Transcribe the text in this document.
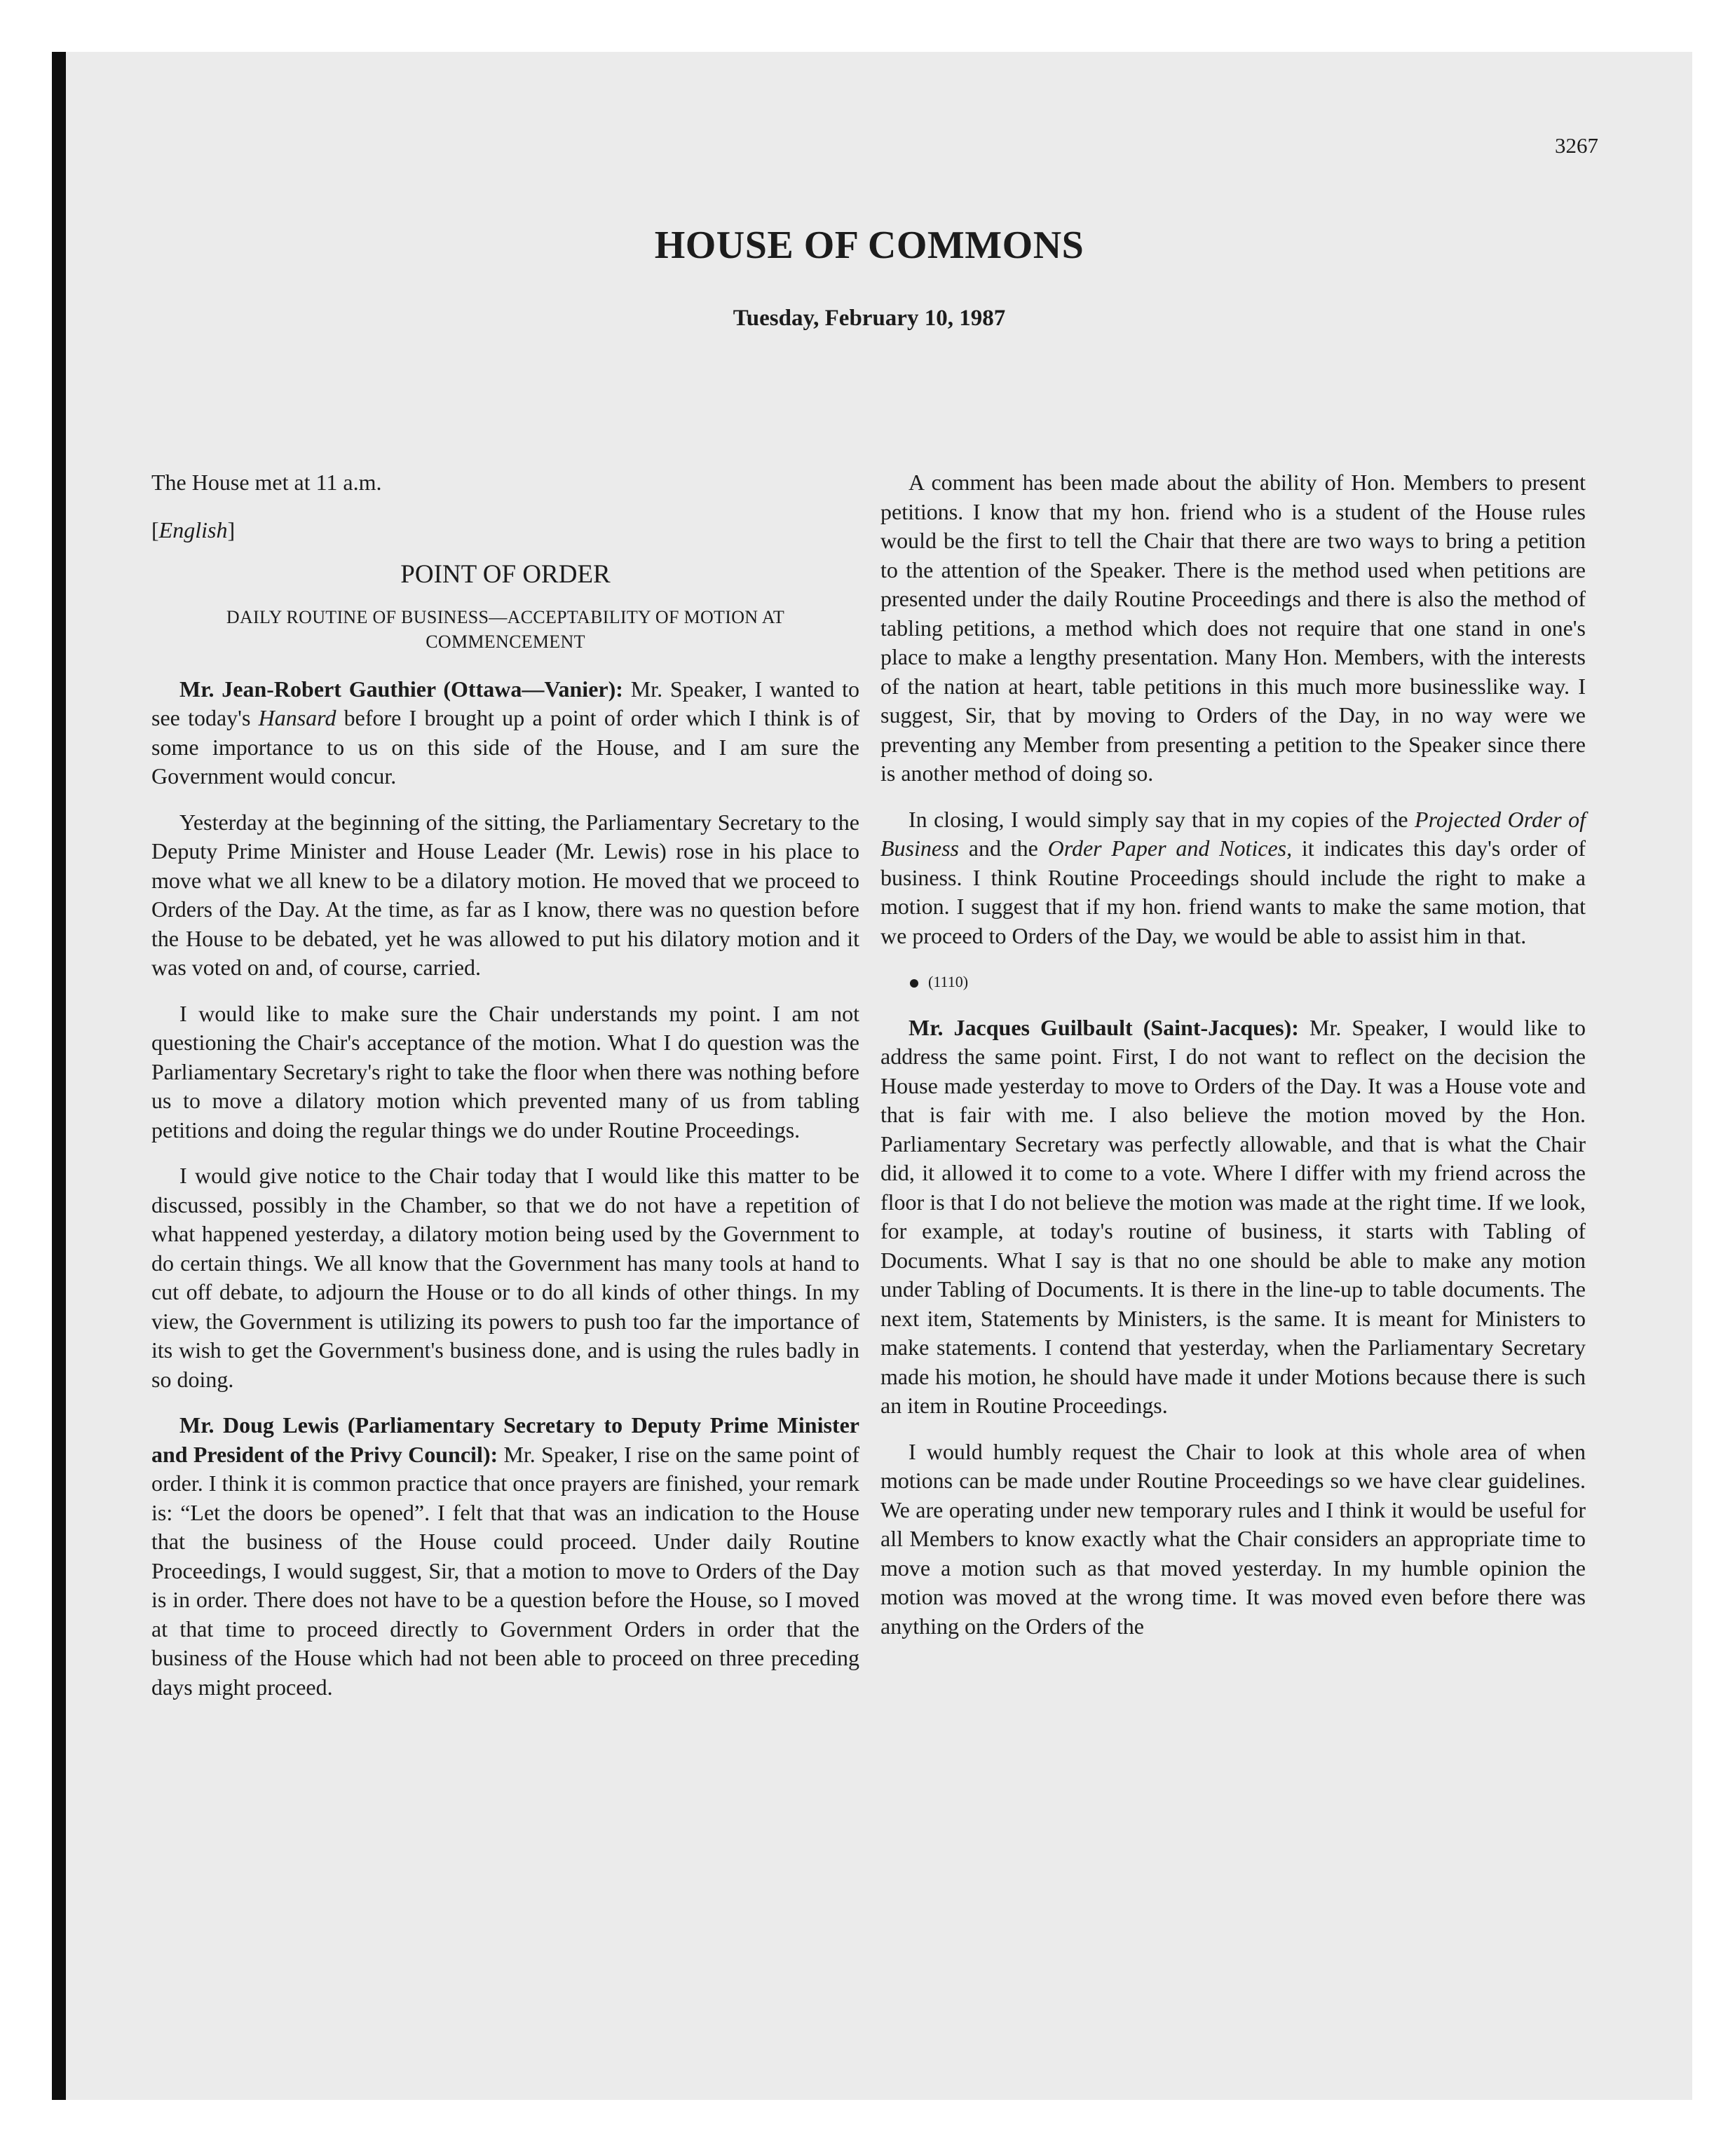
3267
HOUSE OF COMMONS
Tuesday, February 10, 1987

The House met at 11 a.m.

[English]

POINT OF ORDER
DAILY ROUTINE OF BUSINESS—ACCEPTABILITY OF MOTION AT COMMENCEMENT

Mr. Jean-Robert Gauthier (Ottawa—Vanier): Mr. Speaker, I wanted to see today's Hansard before I brought up a point of order which I think is of some importance to us on this side of the House, and I am sure the Government would concur.

Yesterday at the beginning of the sitting, the Parliamentary Secretary to the Deputy Prime Minister and House Leader (Mr. Lewis) rose in his place to move what we all knew to be a dilatory motion. He moved that we proceed to Orders of the Day. At the time, as far as I know, there was no question before the House to be debated, yet he was allowed to put his dilatory motion and it was voted on and, of course, carried.

I would like to make sure the Chair understands my point. I am not questioning the Chair's acceptance of the motion. What I do question was the Parliamentary Secretary's right to take the floor when there was nothing before us to move a dilatory motion which prevented many of us from tabling petitions and doing the regular things we do under Routine Proceedings.

I would give notice to the Chair today that I would like this matter to be discussed, possibly in the Chamber, so that we do not have a repetition of what happened yesterday, a dilatory motion being used by the Government to do certain things. We all know that the Government has many tools at hand to cut off debate, to adjourn the House or to do all kinds of other things. In my view, the Government is utilizing its powers to push too far the importance of its wish to get the Government's business done, and is using the rules badly in so doing.

Mr. Doug Lewis (Parliamentary Secretary to Deputy Prime Minister and President of the Privy Council): Mr. Speaker, I rise on the same point of order. I think it is common practice that once prayers are finished, your remark is: “Let the doors be opened”. I felt that that was an indication to the House that the business of the House could proceed. Under daily Routine Proceedings, I would suggest, Sir, that a motion to move to Orders of the Day is in order. There does not have to be a question before the House, so I moved at that time to proceed directly to Government Orders in order that the business of the House which had not been able to proceed on three preceding days might proceed.

A comment has been made about the ability of Hon. Members to present petitions. I know that my hon. friend who is a student of the House rules would be the first to tell the Chair that there are two ways to bring a petition to the attention of the Speaker. There is the method used when petitions are presented under the daily Routine Proceedings and there is also the method of tabling petitions, a method which does not require that one stand in one's place to make a lengthy presentation. Many Hon. Members, with the interests of the nation at heart, table petitions in this much more businesslike way. I suggest, Sir, that by moving to Orders of the Day, in no way were we preventing any Member from presenting a petition to the Speaker since there is another method of doing so.

In closing, I would simply say that in my copies of the Projected Order of Business and the Order Paper and Notices, it indicates this day's order of business. I think Routine Proceedings should include the right to make a motion. I suggest that if my hon. friend wants to make the same motion, that we proceed to Orders of the Day, we would be able to assist him in that.

(1110)

Mr. Jacques Guilbault (Saint-Jacques): Mr. Speaker, I would like to address the same point. First, I do not want to reflect on the decision the House made yesterday to move to Orders of the Day. It was a House vote and that is fair with me. I also believe the motion moved by the Hon. Parliamentary Secretary was perfectly allowable, and that is what the Chair did, it allowed it to come to a vote. Where I differ with my friend across the floor is that I do not believe the motion was made at the right time. If we look, for example, at today's routine of business, it starts with Tabling of Documents. What I say is that no one should be able to make any motion under Tabling of Documents. It is there in the line-up to table documents. The next item, Statements by Ministers, is the same. It is meant for Ministers to make statements. I contend that yesterday, when the Parliamentary Secretary made his motion, he should have made it under Motions because there is such an item in Routine Proceedings.

I would humbly request the Chair to look at this whole area of when motions can be made under Routine Proceedings so we have clear guidelines. We are operating under new temporary rules and I think it would be useful for all Members to know exactly what the Chair considers an appropriate time to move a motion such as that moved yesterday. In my humble opinion the motion was moved at the wrong time. It was moved even before there was anything on the Orders of the
